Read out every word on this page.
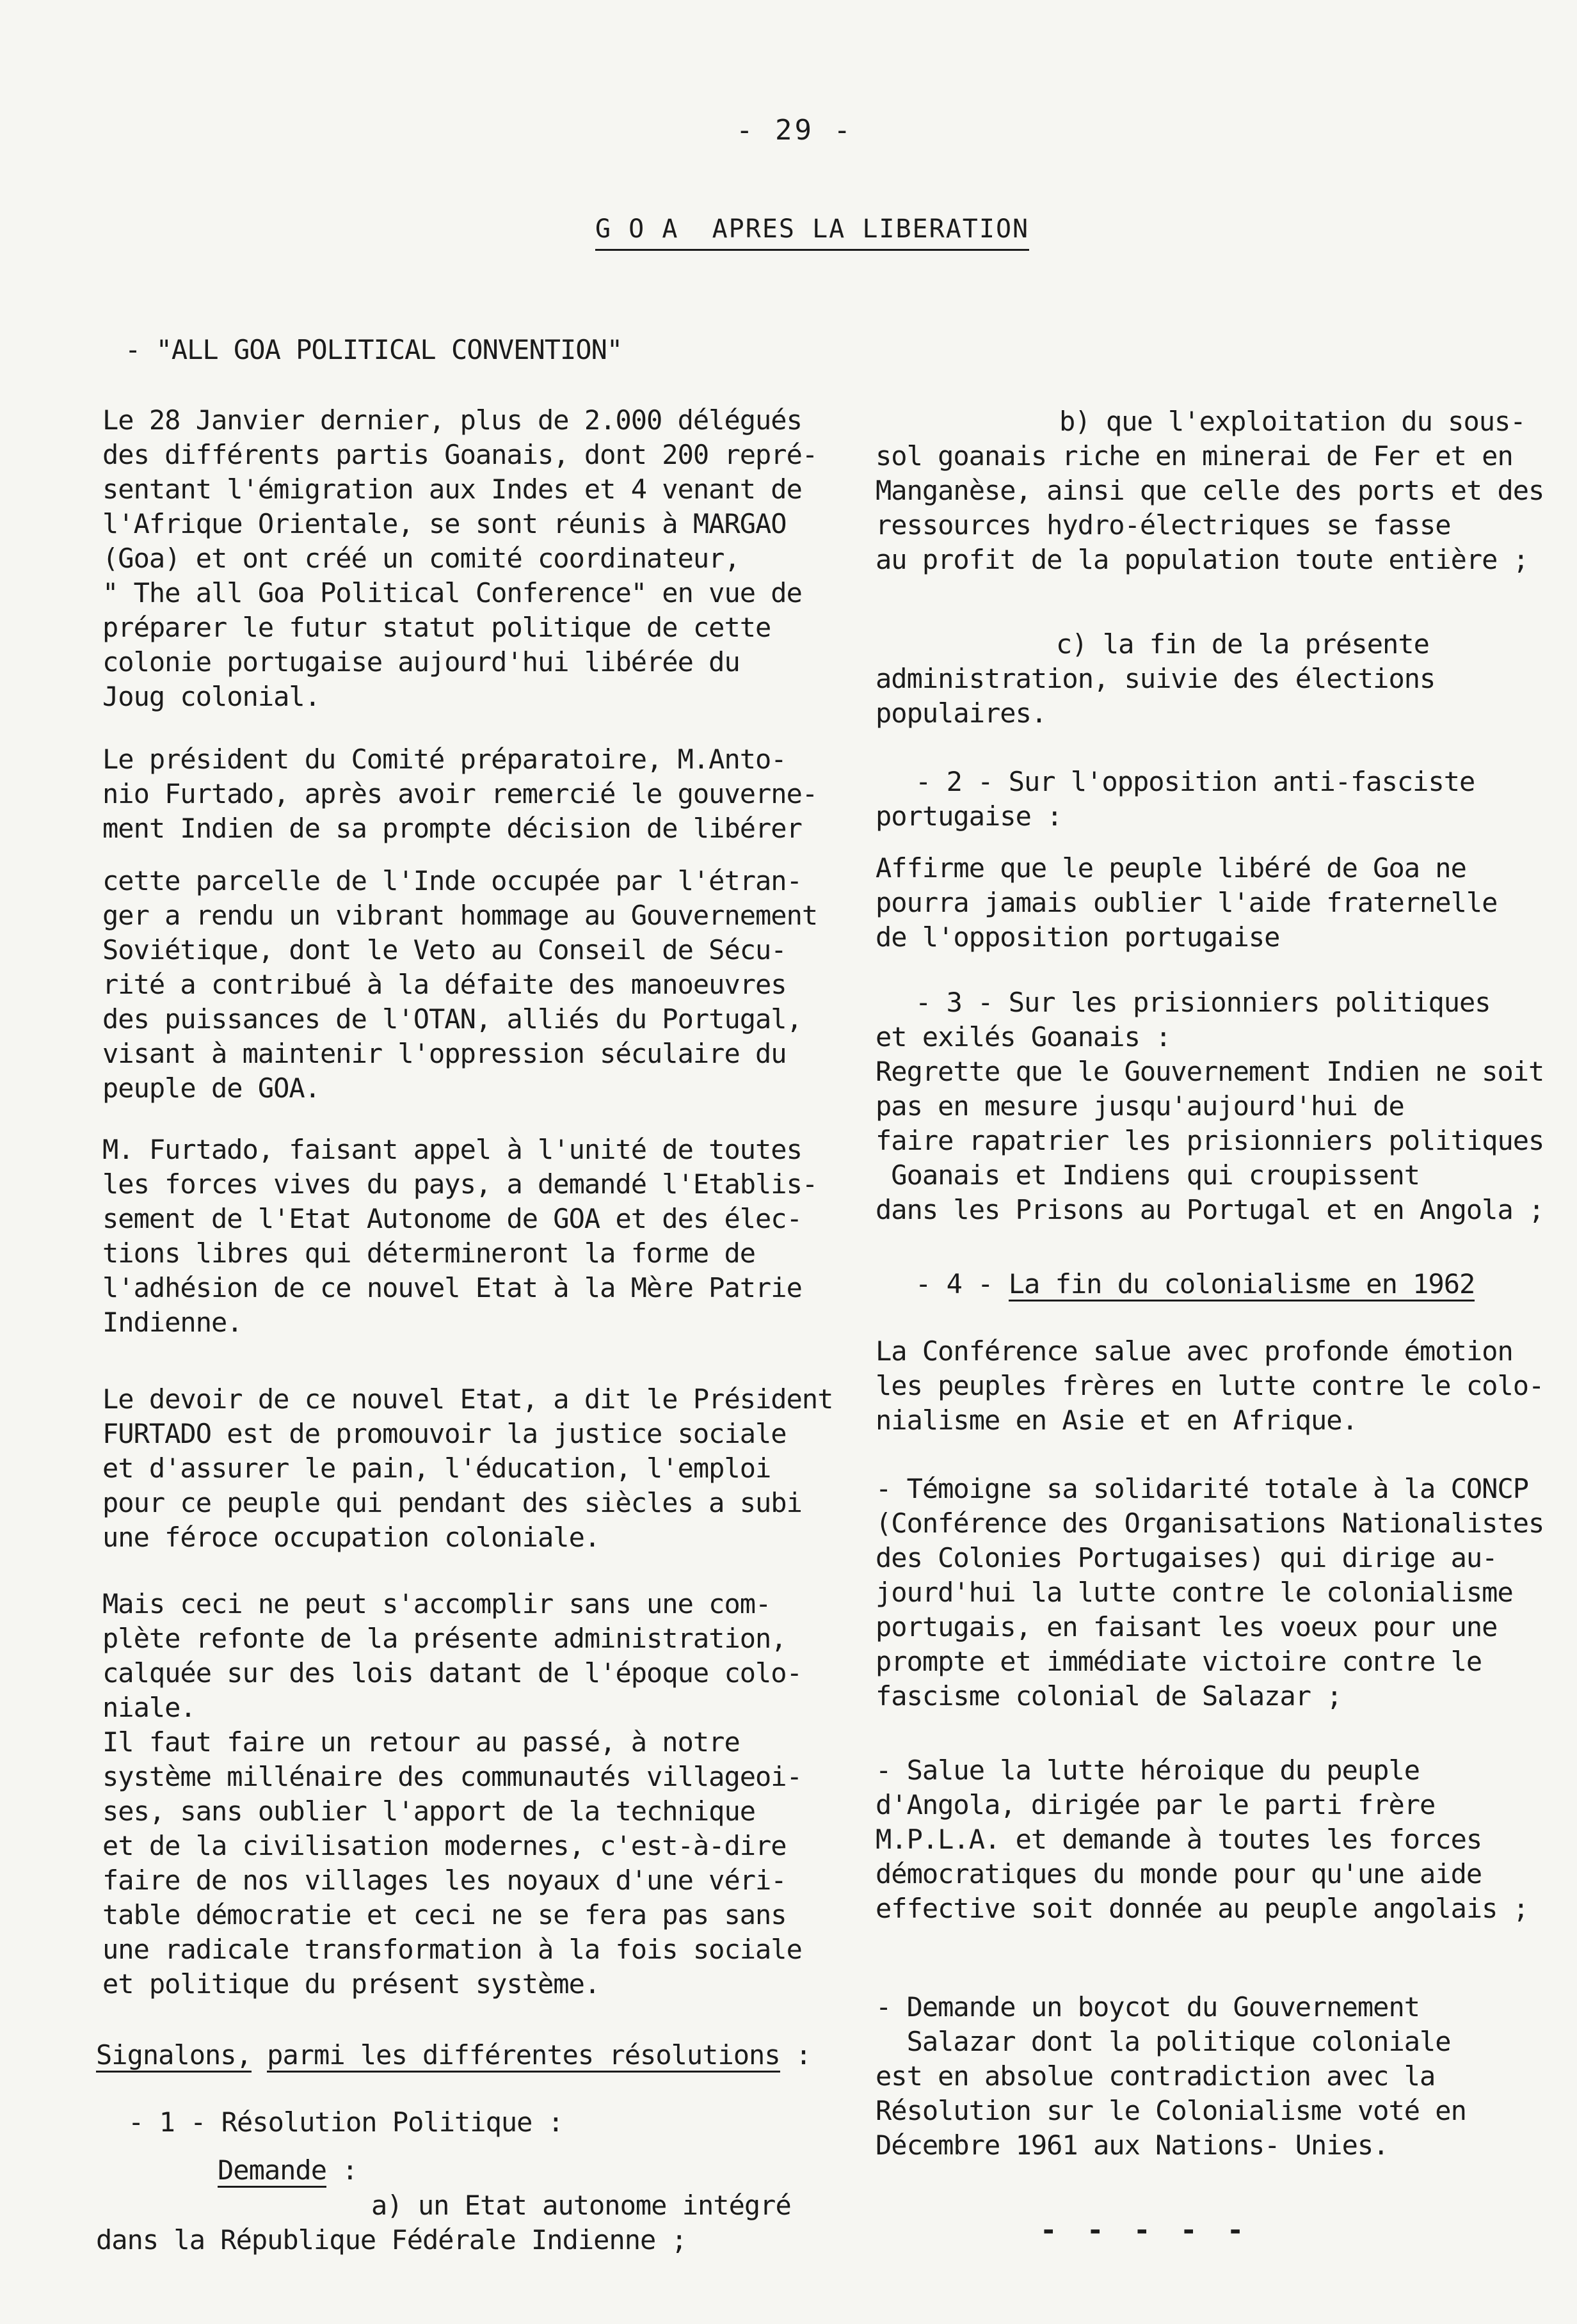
- 29 -
G O A  APRES LA LIBERATION
- "ALL GOA POLITICAL CONVENTION"

Le 28 Janvier dernier, plus de 2.000 délégués

des différents partis Goanais, dont 200 repré-

sentant l'émigration aux Indes et 4 venant de

l'Afrique Orientale, se sont réunis à MARGAO

(Goa) et ont créé un comité coordinateur,

" The all Goa Political Conference" en vue de

préparer le futur statut politique de cette

colonie portugaise aujourd'hui libérée du

Joug colonial.

Le président du Comité préparatoire, M.Anto-

nio Furtado, après avoir remercié le gouverne-

ment Indien de sa prompte décision de libérer

cette parcelle de l'Inde occupée par l'étran-

ger a rendu un vibrant hommage au Gouvernement

Soviétique, dont le Veto au Conseil de Sécu-

rité a contribué à la défaite des manoeuvres

des puissances de l'OTAN, alliés du Portugal,

visant à maintenir l'oppression séculaire du

peuple de GOA.

M. Furtado, faisant appel à l'unité de toutes

les forces vives du pays, a demandé l'Etablis-

sement de l'Etat Autonome de GOA et des élec-

tions libres qui détermineront la forme de

l'adhésion de ce nouvel Etat à la Mère Patrie

Indienne.

Le devoir de ce nouvel Etat, a dit le Président

FURTADO est de promouvoir la justice sociale

et d'assurer le pain, l'éducation, l'emploi

pour ce peuple qui pendant des siècles a subi

une féroce occupation coloniale.

Mais ceci ne peut s'accomplir sans une com-

plète refonte de la présente administration,

calquée sur des lois datant de l'époque colo-

niale.

Il faut faire un retour au passé, à notre

système millénaire des communautés villageoi-

ses, sans oublier l'apport de la technique

et de la civilisation modernes, c'est-à-dire

faire de nos villages les noyaux d'une véri-

table démocratie et ceci ne se fera pas sans

une radicale transformation à la fois sociale

et politique du présent système.

Signalons, parmi les différentes résolutions :
- 1 - Résolution Politique :
Demande :
a) un Etat autonome intégré
dans la République Fédérale Indienne ;
b) que l'exploitation du sous-

sol goanais riche en minerai de Fer et en

Manganèse, ainsi que celle des ports et des

ressources hydro-électriques se fasse

au profit de la population toute entière ;

c) la fin de la présente

administration, suivie des élections

populaires.

- 2 - Sur l'opposition anti-fasciste
portugaise :

Affirme que le peuple libéré de Goa ne

pourra jamais oublier l'aide fraternelle

de l'opposition portugaise

- 3 - Sur les prisionniers politiques
et exilés Goanais :

Regrette que le Gouvernement Indien ne soit

pas en mesure jusqu'aujourd'hui de

faire rapatrier les prisionniers politiques

Goanais et Indiens qui croupissent

dans les Prisons au Portugal et en Angola ;

- 4 - La fin du colonialisme en 1962

La Conférence salue avec profonde émotion

les peuples frères en lutte contre le colo-

nialisme en Asie et en Afrique.

- Témoigne sa solidarité totale à la CONCP

(Conférence des Organisations Nationalistes

des Colonies Portugaises) qui dirige au-

jourd'hui la lutte contre le colonialisme

portugais, en faisant les voeux pour une

prompte et immédiate victoire contre le

fascisme colonial de Salazar ;

- Salue la lutte héroique du peuple

d'Angola, dirigée par le parti frère

M.P.L.A. et demande à toutes les forces

démocratiques du monde pour qu'une aide

effective soit donnée au peuple angolais ;

- Demande un boycot du Gouvernement

Salazar dont la politique coloniale

est en absolue contradiction avec la

Résolution sur le Colonialisme voté en

Décembre 1961 aux Nations- Unies.

- - - - -
